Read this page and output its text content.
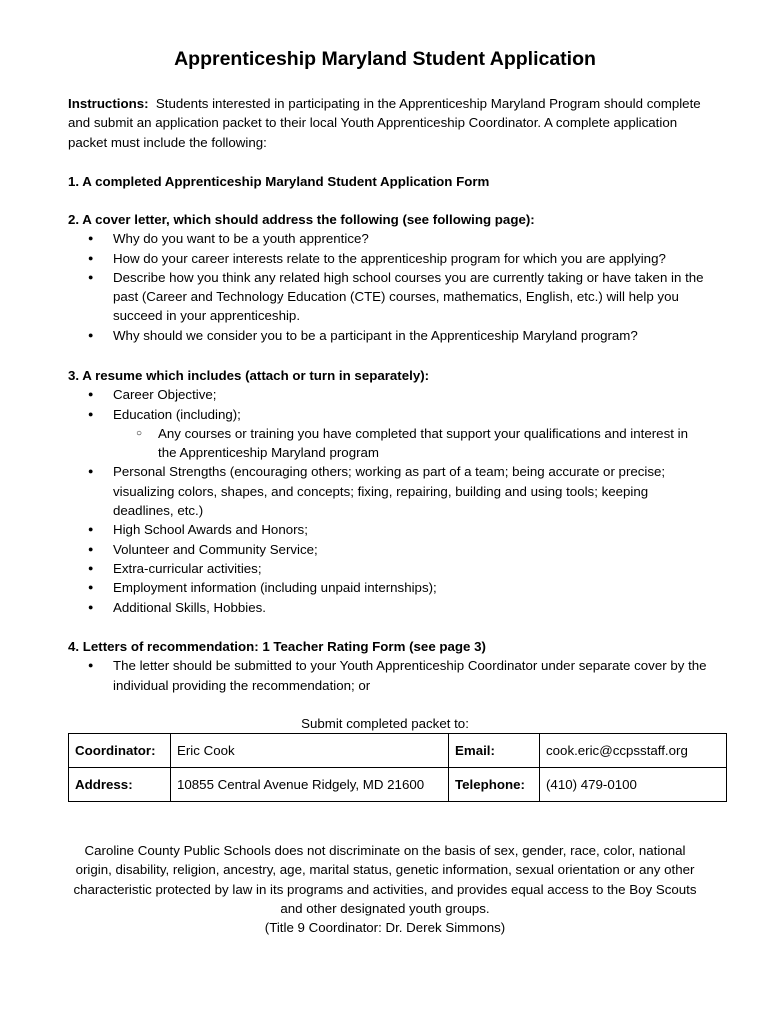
Apprenticeship Maryland Student Application
Instructions: Students interested in participating in the Apprenticeship Maryland Program should complete and submit an application packet to their local Youth Apprenticeship Coordinator. A complete application packet must include the following:
1. A completed Apprenticeship Maryland Student Application Form
2. A cover letter, which should address the following (see following page):
● Why do you want to be a youth apprentice?
● How do your career interests relate to the apprenticeship program for which you are applying?
● Describe how you think any related high school courses you are currently taking or have taken in the past (Career and Technology Education (CTE) courses, mathematics, English, etc.) will help you succeed in your apprenticeship.
● Why should we consider you to be a participant in the Apprenticeship Maryland program?
3. A resume which includes (attach or turn in separately):
● Career Objective;
● Education (including);
○ Any courses or training you have completed that support your qualifications and interest in the Apprenticeship Maryland program
● Personal Strengths (encouraging others; working as part of a team; being accurate or precise; visualizing colors, shapes, and concepts; fixing, repairing, building and using tools; keeping deadlines, etc.)
● High School Awards and Honors;
● Volunteer and Community Service;
● Extra-curricular activities;
● Employment information (including unpaid internships);
● Additional Skills, Hobbies.
4. Letters of recommendation: 1 Teacher Rating Form (see page 3)
● The letter should be submitted to your Youth Apprenticeship Coordinator under separate cover by the individual providing the recommendation; or
Submit completed packet to:
Coordinator:	Eric Cook	Email:	cook.eric@ccpsstaff.org
Address:	10855 Central Avenue Ridgely, MD 21600	Telephone:	(410) 479-0100
Caroline County Public Schools does not discriminate on the basis of sex, gender, race, color, national
origin, disability, religion, ancestry, age, marital status, genetic information, sexual orientation or any other
characteristic protected by law in its programs and activities, and provides equal access to the Boy Scouts
and other designated youth groups.
(Title 9 Coordinator: Dr. Derek Simmons)
